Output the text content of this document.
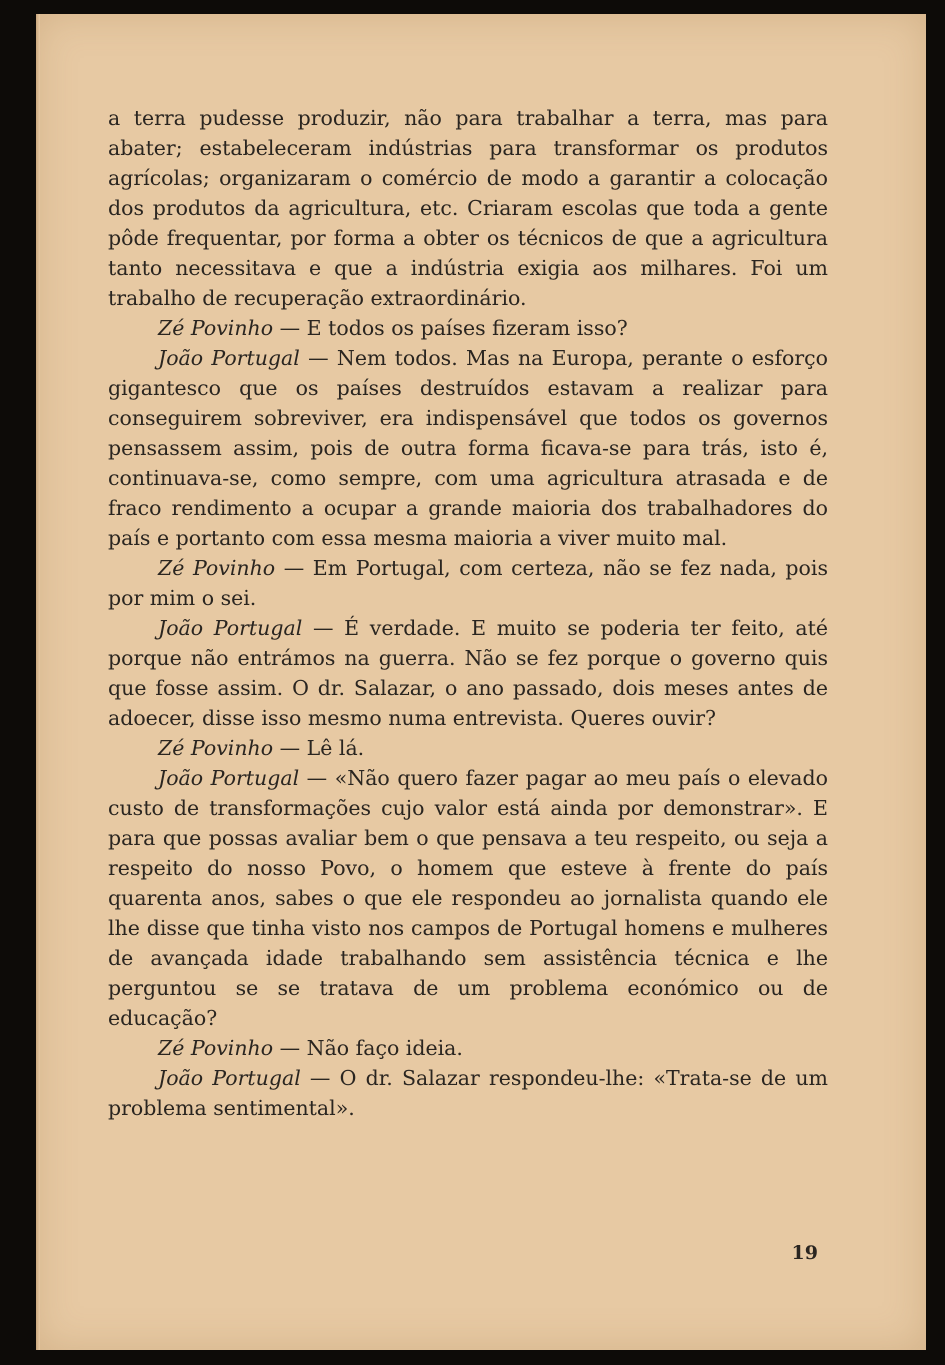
a terra pudesse produzir, não para trabalhar a terra, mas para abater; estabeleceram indústrias para transformar os produtos agrícolas; organizaram o comércio de modo a garantir a colocação dos produtos da agricultura, etc. Criaram escolas que toda a gente pôde frequentar, por forma a obter os técnicos de que a agricultura tanto necessitava e que a indústria exigia aos milhares. Foi um trabalho de recuperação extraordinário.

Zé Povinho — E todos os países fizeram isso?

João Portugal — Nem todos. Mas na Europa, perante o esforço gigantesco que os países destruídos estavam a realizar para conseguirem sobreviver, era indispensável que todos os governos pensassem assim, pois de outra forma ficava-se para trás, isto é, continuava-se, como sempre, com uma agricultura atrasada e de fraco rendimento a ocupar a grande maioria dos trabalhadores do país e portanto com essa mesma maioria a viver muito mal.

Zé Povinho — Em Portugal, com certeza, não se fez nada, pois por mim o sei.

João Portugal — É verdade. E muito se poderia ter feito, até porque não entrámos na guerra. Não se fez porque o governo quis que fosse assim. O dr. Salazar, o ano passado, dois meses antes de adoecer, disse isso mesmo numa entrevista. Queres ouvir?

Zé Povinho — Lê lá.

João Portugal — «Não quero fazer pagar ao meu país o elevado custo de transformações cujo valor está ainda por demonstrar». E para que possas avaliar bem o que pensava a teu respeito, ou seja a respeito do nosso Povo, o homem que esteve à frente do país quarenta anos, sabes o que ele respondeu ao jornalista quando ele lhe disse que tinha visto nos campos de Portugal homens e mulheres de avançada idade trabalhando sem assistência técnica e lhe perguntou se se tratava de um problema económico ou de educação?

Zé Povinho — Não faço ideia.

João Portugal — O dr. Salazar respondeu-lhe: «Trata-se de um problema sentimental».

19
